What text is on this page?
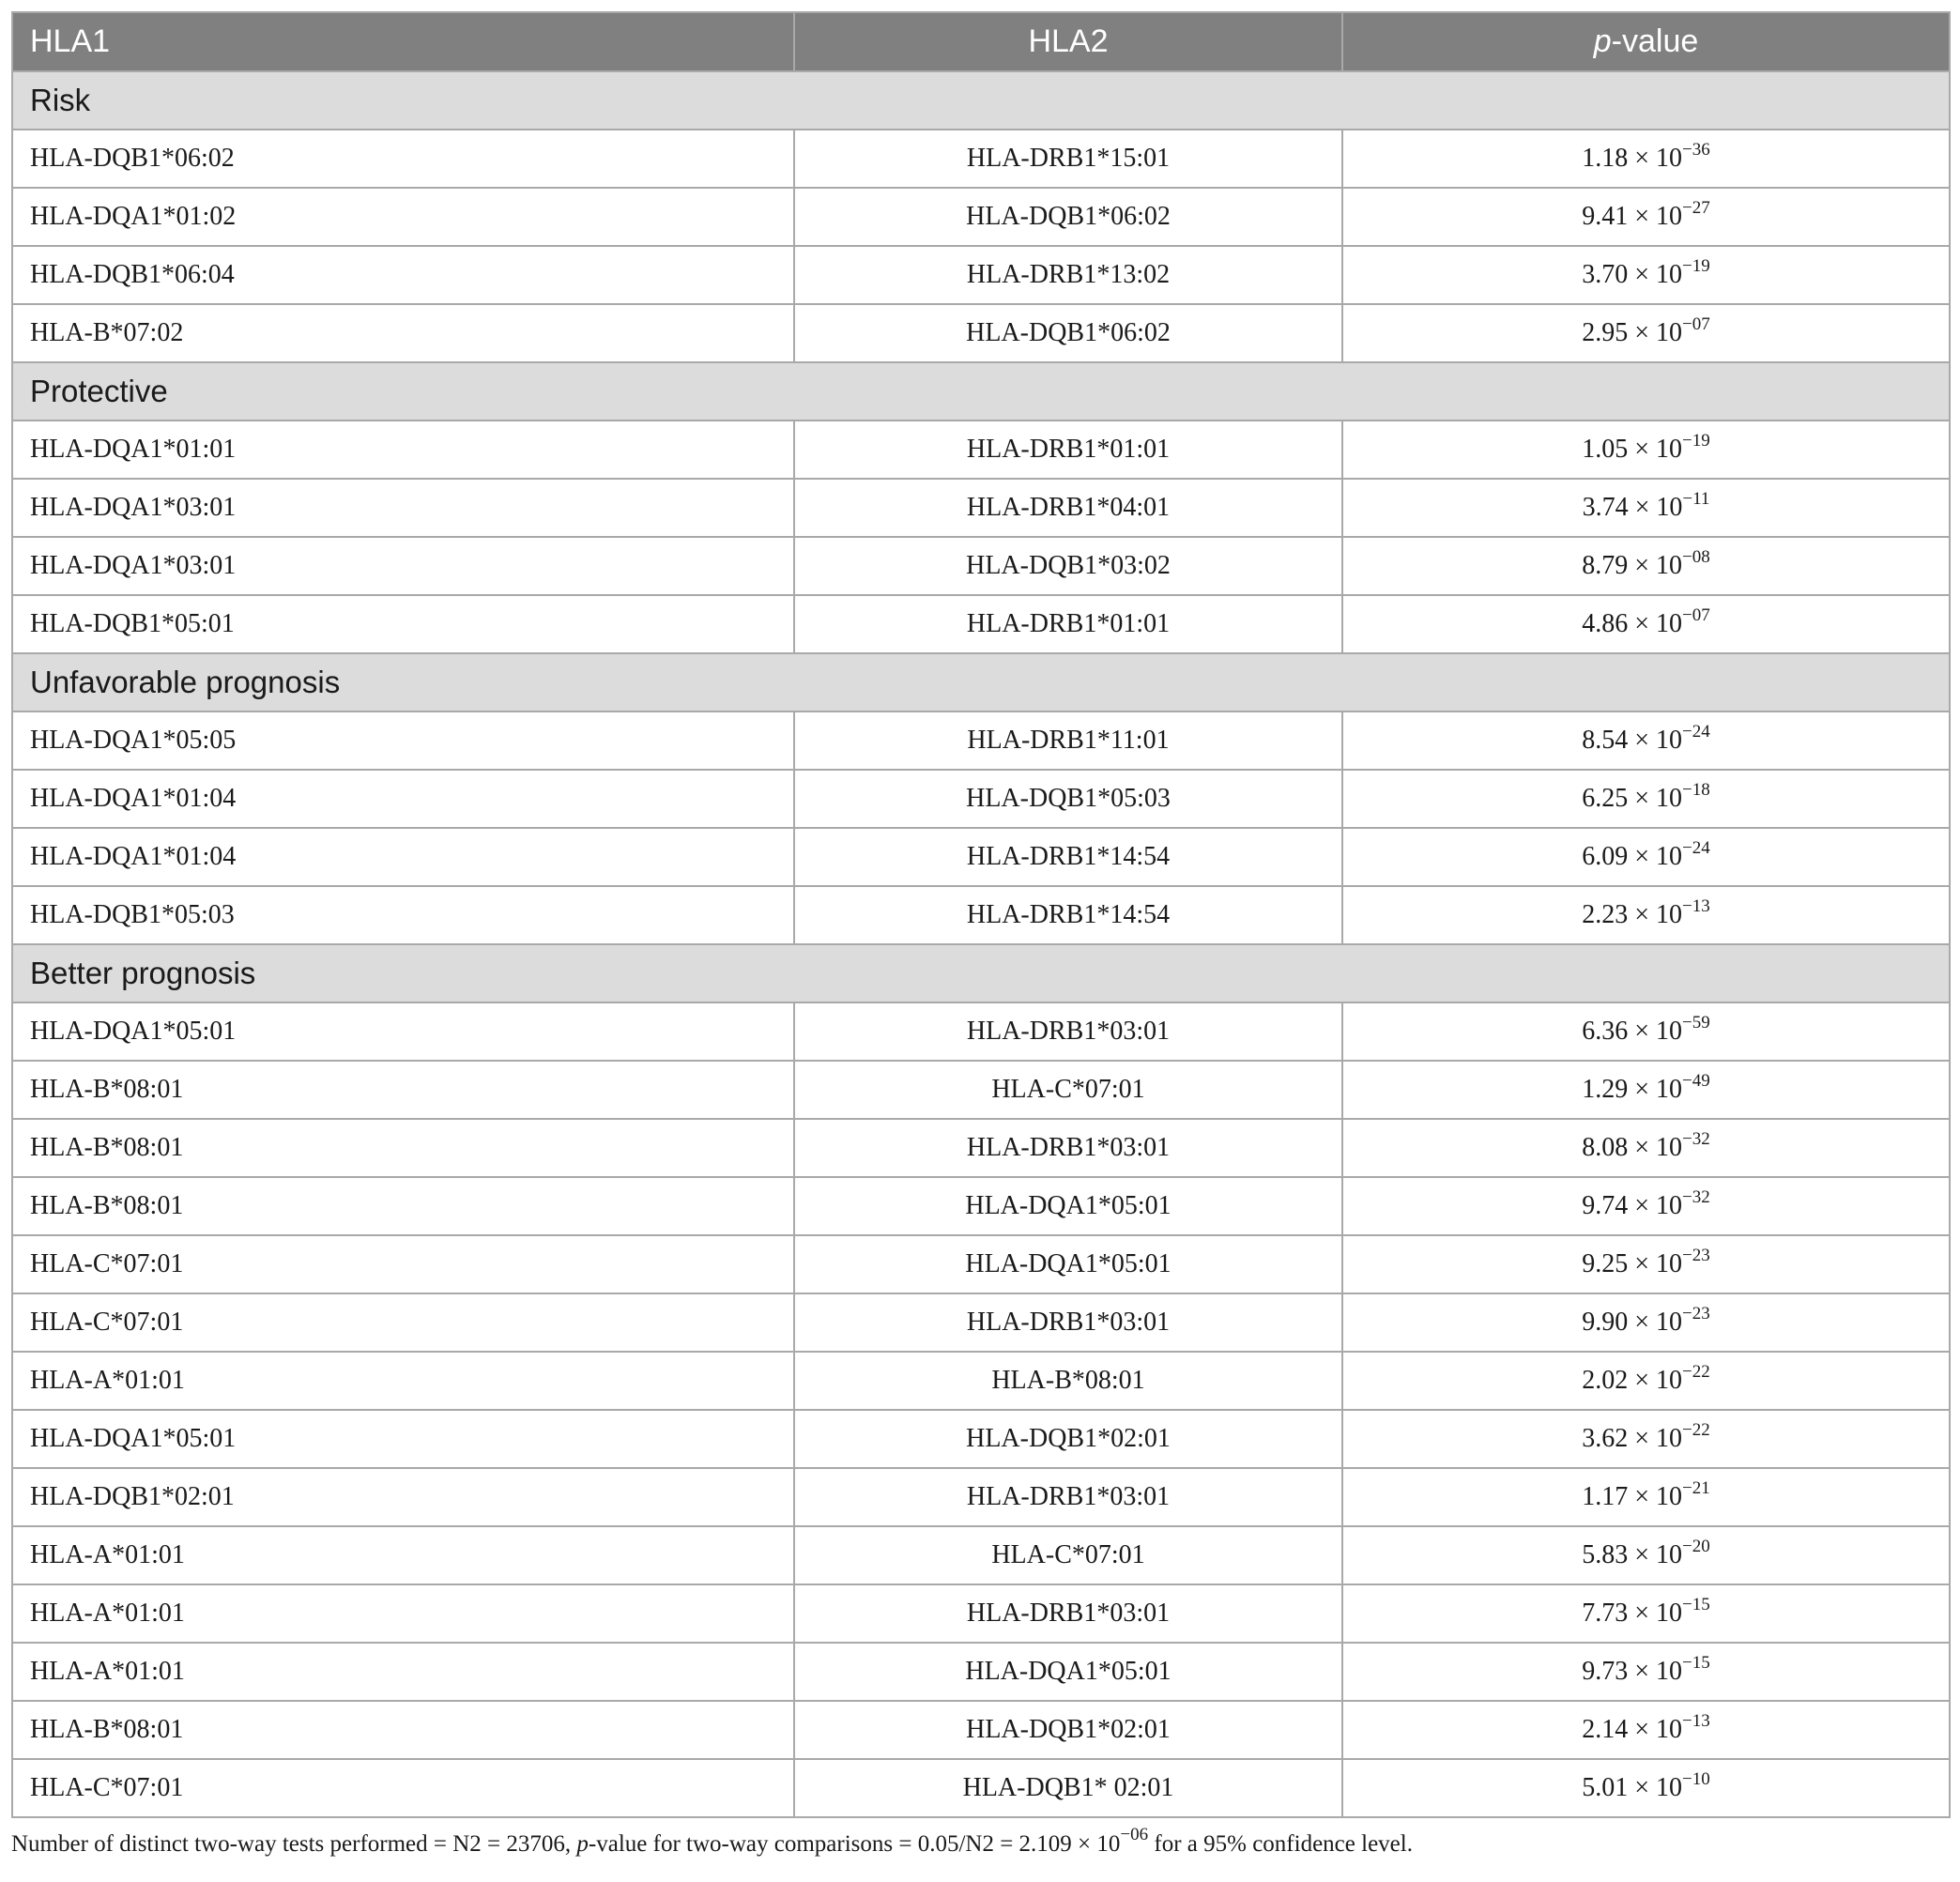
HLA1	HLA2	p-value
Risk		
HLA-DQB1*06:02	HLA-DRB1*15:01	$1.18 \times 10^{-36}$
HLA-DQA1*01:02	HLA-DQB1*06:02	$9.41 \times 10^{-27}$
HLA-DQB1*06:04	HLA-DRB1*13:02	$3.70 \times 10^{-19}$
HLA-B*07:02	HLA-DQB1*06:02	$2.95 \times 10^{-07}$
Protective		
HLA-DQA1*01:01	HLA-DRB1*01:01	$1.05 \times 10^{-19}$
HLA-DQA1*03:01	HLA-DRB1*04:01	$3.74 \times 10^{-11}$
HLA-DQA1*03:01	HLA-DQB1*03:02	$8.79 \times 10^{-08}$
HLA-DQB1*05:01	HLA-DRB1*01:01	$4.86 \times 10^{-07}$
Unfavorable prognosis		
HLA-DQA1*05:05	HLA-DRB1*11:01	$8.54 \times 10^{-24}$
HLA-DQA1*01:04	HLA-DQB1*05:03	$6.25 \times 10^{-18}$
HLA-DQA1*01:04	HLA-DRB1*14:54	$6.09 \times 10^{-24}$
HLA-DQB1*05:03	HLA-DRB1*14:54	$2.23 \times 10^{-13}$
Better prognosis		
HLA-DQA1*05:01	HLA-DRB1*03:01	$6.36 \times 10^{-59}$
HLA-B*08:01	HLA-C*07:01	$1.29 \times 10^{-49}$
HLA-B*08:01	HLA-DRB1*03:01	$8.08 \times 10^{-32}$
HLA-B*08:01	HLA-DQA1*05:01	$9.74 \times 10^{-32}$
HLA-C*07:01	HLA-DQA1*05:01	$9.25 \times 10^{-23}$
HLA-C*07:01	HLA-DRB1*03:01	$9.90 \times 10^{-23}$
HLA-A*01:01	HLA-B*08:01	$2.02 \times 10^{-22}$
HLA-DQA1*05:01	HLA-DQB1*02:01	$3.62 \times 10^{-22}$
HLA-DQB1*02:01	HLA-DRB1*03:01	$1.17 \times 10^{-21}$
HLA-A*01:01	HLA-C*07:01	$5.83 \times 10^{-20}$
HLA-A*01:01	HLA-DRB1*03:01	$7.73 \times 10^{-15}$
HLA-A*01:01	HLA-DQA1*05:01	$9.73 \times 10^{-15}$
HLA-B*08:01	HLA-DQB1*02:01	$2.14 \times 10^{-13}$
HLA-C*07:01	HLA-DQB1* 02:01	$5.01 \times 10^{-10}$
Number of distinct two-way tests performed = N2 = 23706, p-value for two-way comparisons = $0.05/N2 = 2.109 \times 10^{-06}$ for a 95% confidence level.
